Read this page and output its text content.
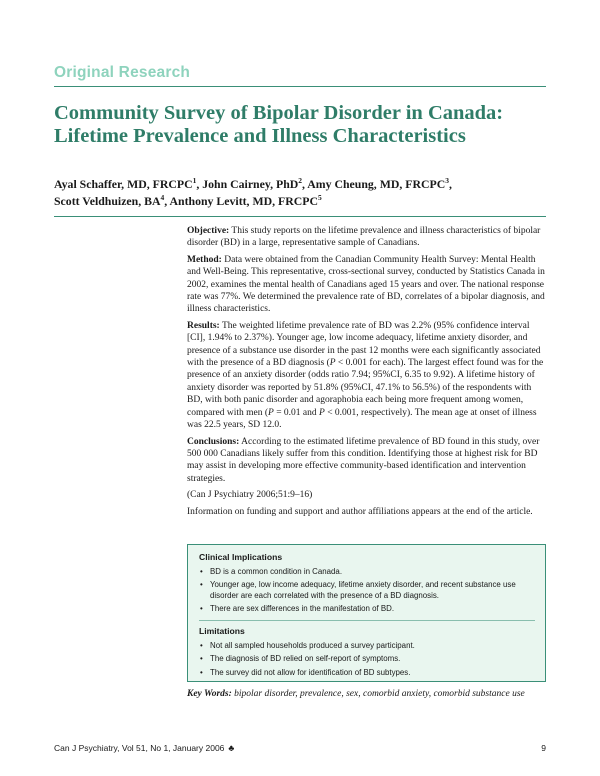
Original Research
Community Survey of Bipolar Disorder in Canada:
Lifetime Prevalence and Illness Characteristics
Ayal Schaffer, MD, FRCPC$^1$, John Cairney, PhD$^2$, Amy Cheung, MD, FRCPC$^3$,
Scott Veldhuizen, $BA^4$, Anthony Levitt, MD, FRCPC$^5$

Objective: This study reports on the lifetime prevalence and illness characteristics of bipolar disorder (BD) in a large, representative sample of Canadians.

Method: Data were obtained from the Canadian Community Health Survey: Mental Health and Well-Being. This representative, cross-sectional survey, conducted by Statistics Canada in 2002, examines the mental health of Canadians aged 15 years and over. The national response rate was 77%. We determined the prevalence rate of BD, correlates of a bipolar diagnosis, and illness characteristics.

Results: The weighted lifetime prevalence rate of BD was 2.2% (95% confidence interval [CI], 1.94% to 2.37%). Younger age, low income adequacy, lifetime anxiety disorder, and presence of a substance use disorder in the past 12 months were each significantly associated with the presence of a BD diagnosis (P < 0.001 for each). The largest effect found was for the presence of an anxiety disorder (odds ratio 7.94; 95%CI, 6.35 to 9.92). A lifetime history of anxiety disorder was reported by 51.8% (95%CI, 47.1% to 56.5%) of the respondents with BD, with both panic disorder and agoraphobia each being more frequent among women, compared with men (P = 0.01 and P < 0.001, respectively). The mean age at onset of illness was 22.5 years, SD 12.0.

Conclusions: According to the estimated lifetime prevalence of BD found in this study, over 500 000 Canadians likely suffer from this condition. Identifying those at highest risk for BD may assist in developing more effective community-based identification and intervention strategies.

(Can J Psychiatry 2006;51:9–16)

Information on funding and support and author affiliations appears at the end of the article.

Clinical Implications
• BD is a common condition in Canada.
• Younger age, low income adequacy, lifetime anxiety disorder, and recent substance use disorder are each correlated with the presence of a BD diagnosis.
• There are sex differences in the manifestation of BD.
Limitations
• Not all sampled households produced a survey participant.
• The diagnosis of BD relied on self-report of symptoms.
• The survey did not allow for identification of BD subtypes.
Key Words: bipolar disorder, prevalence, sex, comorbid anxiety, comorbid substance use
Can J Psychiatry, Vol 51, No 1, January 2006 ♣	9
